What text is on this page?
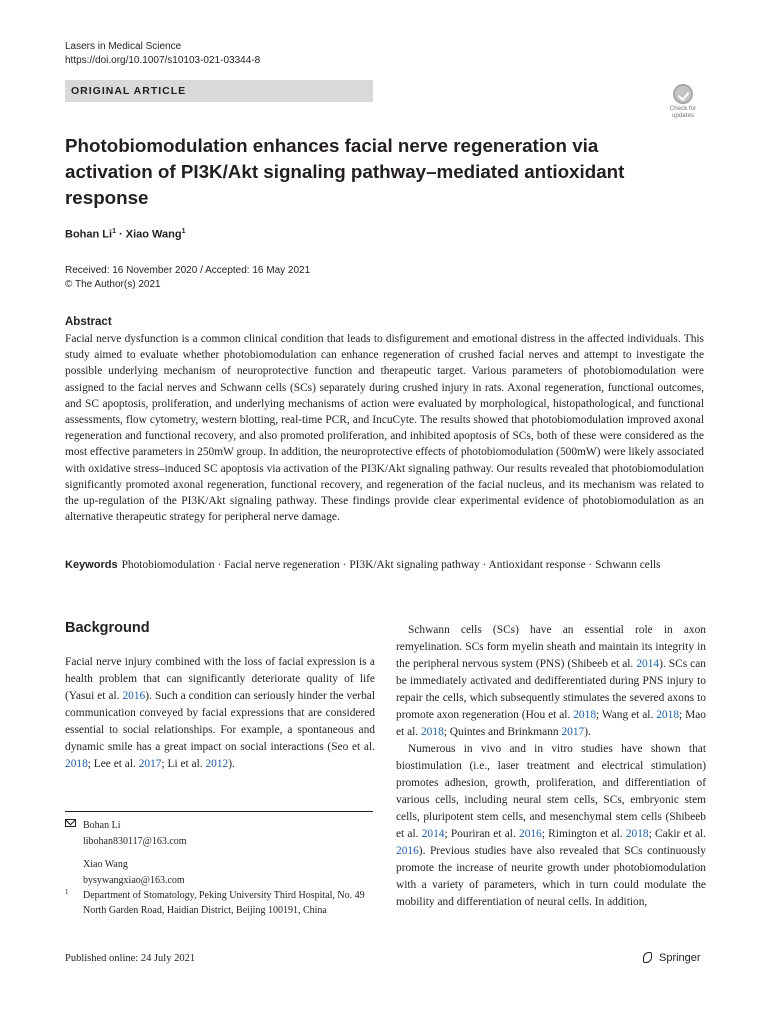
Lasers in Medical Science
https://doi.org/10.1007/s10103-021-03344-8
ORIGINAL ARTICLE
Check for updates
Photobiomodulation enhances facial nerve regeneration via activation of PI3K/Akt signaling pathway–mediated antioxidant response
Bohan $Li^1$ · Xiao Wang$^1$
Received: 16 November 2020 / Accepted: 16 May 2021
© The Author(s) 2021
Abstract
Facial nerve dysfunction is a common clinical condition that leads to disfigurement and emotional distress in the affected individuals. This study aimed to evaluate whether photobiomodulation can enhance regeneration of crushed facial nerves and attempt to investigate the possible underlying mechanism of neuroprotective function and therapeutic target. Various parameters of photobiomodulation were assigned to the facial nerves and Schwann cells (SCs) separately during crushed injury in rats. Axonal regeneration, functional outcomes, and SC apoptosis, proliferation, and underlying mechanisms of action were evaluated by morphological, histopathological, and functional assessments, flow cytometry, western blotting, real-time PCR, and IncuCyte. The results showed that photobiomodulation improved axonal regeneration and functional recovery, and also promoted proliferation, and inhibited apoptosis of SCs, both of these were considered as the most effective parameters in 250mW group. In addition, the neuroprotective effects of photobiomodulation (500mW) were likely associated with oxidative stress–induced SC apoptosis via activation of the PI3K/Akt signaling pathway. Our results revealed that photobiomodulation significantly promoted axonal regeneration, functional recovery, and regeneration of the facial nucleus, and its mechanism was related to the up-regulation of the PI3K/Akt signaling pathway. These findings provide clear experimental evidence of photobiomodulation as an alternative therapeutic strategy for peripheral nerve damage.
Keywords Photobiomodulation · Facial nerve regeneration · PI3K/Akt signaling pathway · Antioxidant response · Schwann cells
Background

Facial nerve injury combined with the loss of facial expression is a health problem that can significantly deteriorate quality of life (Yasui et al. 2016). Such a condition can seriously hinder the verbal communication conveyed by facial expressions that are considered essential to social relationships. For example, a spontaneous and dynamic smile has a great impact on social interactions (Seo et al. 2018; Lee et al. 2017; Li et al. 2012).

Schwann cells (SCs) have an essential role in axon remyelination. SCs form myelin sheath and maintain its integrity in the peripheral nervous system (PNS) (Shibeeb et al. 2014). SCs can be immediately activated and dedifferentiated during PNS injury to repair the cells, which subsequently stimulates the severed axons to promote axon regeneration (Hou et al. 2018; Wang et al. 2018; Mao et al. 2018; Quintes and Brinkmann 2017).

Numerous in vivo and in vitro studies have shown that biostimulation (i.e., laser treatment and electrical stimulation) promotes adhesion, growth, proliferation, and differentiation of various cells, including neural stem cells, SCs, embryonic stem cells, pluripotent stem cells, and mesenchymal stem cells (Shibeeb et al. 2014; Pouriran et al. 2016; Rimington et al. 2018; Cakir et al. 2016). Previous studies have also revealed that SCs continuously promote the increase of neurite growth under photobiomodulation with a variety of parameters, which in turn could modulate the mobility and differentiation of neural cells. In addition,

Bohan Li
libohan830117@163.com
Xiao Wang
bysywangxiao@163.com
1	Department of Stomatology, Peking University Third Hospital, No. 49 North Garden Road, Haidian District, Beijing 100191, China
Published online: 24 July 2021	Springer
